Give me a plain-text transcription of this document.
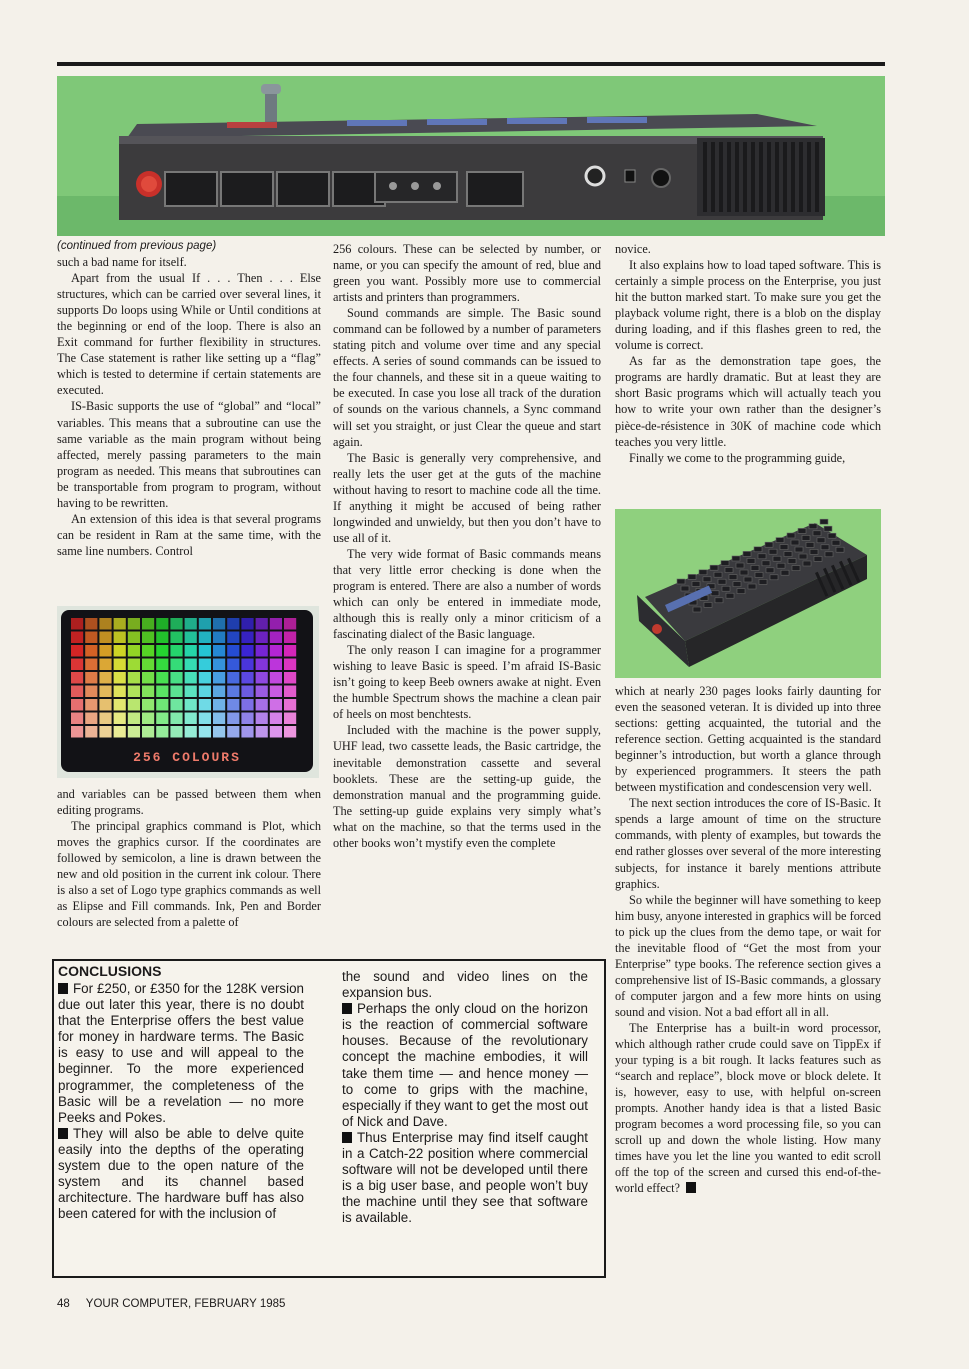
(continued from previous page)

such a bad name for itself.

Apart from the usual If . . . Then . . . Else structures, which can be carried over several lines, it supports Do loops using While or Until conditions at the beginning or end of the loop. There is also an Exit command for further flexibility in structures. The Case statement is rather like setting up a “flag” which is tested to determine if certain statements are executed.

IS-Basic supports the use of “global” and “local” variables. This means that a subroutine can use the same variable as the main program without being affected, merely passing parameters to the main program as needed. This means that subroutines can be transportable from program to program, without having to be rewritten.

An extension of this idea is that several programs can be resident in Ram at the same time, with the same line numbers. Control

256 COLOURS

and variables can be passed between them when editing programs.

The principal graphics command is Plot, which moves the graphics cursor. If the coordinates are followed by semicolon, a line is drawn between the new and old position in the current ink colour. There is also a set of Logo type graphics commands as well as Elipse and Fill commands. Ink, Pen and Border colours are selected from a palette of

256 colours. These can be selected by number, or name, or you can specify the amount of red, blue and green you want. Possibly more use to commercial artists and printers than programmers.

Sound commands are simple. The Basic sound command can be followed by a number of parameters stating pitch and volume over time and any special effects. A series of sound commands can be issued to the four channels, and these sit in a queue waiting to be executed. In case you lose all track of the duration of sounds on the various channels, a Sync command will set you straight, or just Clear the queue and start again.

The Basic is generally very comprehensive, and really lets the user get at the guts of the machine without having to resort to machine code all the time. If anything it might be accused of being rather longwinded and unwieldy, but then you don’t have to use all of it.

The very wide format of Basic commands means that very little error checking is done when the program is entered. There are also a number of words which can only be entered in immediate mode, although this is really only a minor criticism of a fascinating dialect of the Basic language.

The only reason I can imagine for a programmer wishing to leave Basic is speed. I’m afraid IS-Basic isn’t going to keep Beeb owners awake at night. Even the humble Spectrum shows the machine a clean pair of heels on most benchtests.

Included with the machine is the power supply, UHF lead, two cassette leads, the Basic cartridge, the inevitable demonstration cassette and several booklets. These are the setting-up guide, the demonstration manual and the programming guide. The setting-up guide explains very simply what’s what on the machine, so that the terms used in the other books won’t mystify even the complete

novice.

It also explains how to load taped software. This is certainly a simple process on the Enterprise, you just hit the button marked start. To make sure you get the playback volume right, there is a blob on the display during loading, and if this flashes green to red, the volume is correct.

As far as the demonstration tape goes, the programs are hardly dramatic. But at least they are short Basic programs which will actually teach you how to write your own rather than the designer’s pièce-de-résistence in 30K of machine code which teaches you very little.

Finally we come to the programming guide,

which at nearly 230 pages looks fairly daunting for even the seasoned veteran. It is divided up into three sections: getting acquainted, the tutorial and the reference section. Getting acquainted is the standard beginner’s introduction, but worth a glance through by experienced programmers. It steers the path between mystification and condescension very well.

The next section introduces the core of IS-Basic. It spends a large amount of time on the structure commands, with plenty of examples, but towards the end rather glosses over several of the more interesting subjects, for instance it barely mentions attribute graphics.

So while the beginner will have something to keep him busy, anyone interested in graphics will be forced to pick up the clues from the demo tape, or wait for the inevitable flood of “Get the most from your Enterprise” type books. The reference section gives a comprehensive list of IS-Basic commands, a glossary of computer jargon and a few more hints on using sound and vision. Not a bad effort all in all.

The Enterprise has a built-in word processor, which although rather crude could save on TippEx if your typing is a bit rough. It lacks features such as “search and replace”, block move or block delete. It is, however, easy to use, with helpful on-screen prompts. Another handy idea is that a listed Basic program becomes a word processing file, so you can scroll up and down the whole listing. How many times have you let the line you wanted to edit scroll off the top of the screen and cursed this end-of-the-world effect?

CONCLUSIONS

For £250, or £350 for the 128K version due out later this year, there is no doubt that the Enterprise offers the best value for money in hardware terms. The Basic is easy to use and will appeal to the beginner. To the more experienced programmer, the completeness of the Basic will be a revelation — no more Peeks and Pokes.

They will also be able to delve quite easily into the depths of the operating system due to the open nature of the system and its channel based architecture. The hardware buff has also been catered for with the inclusion of

the sound and video lines on the expansion bus.

Perhaps the only cloud on the horizon is the reaction of commercial software houses. Because of the revolutionary concept the machine embodies, it will take them time — and hence money — to come to grips with the machine, especially if they want to get the most out of Nick and Dave.

Thus Enterprise may find itself caught in a Catch-22 position where commercial software will not be developed until there is a big user base, and people won’t buy the machine until they see that software is available.

48 YOUR COMPUTER, FEBRUARY 1985
